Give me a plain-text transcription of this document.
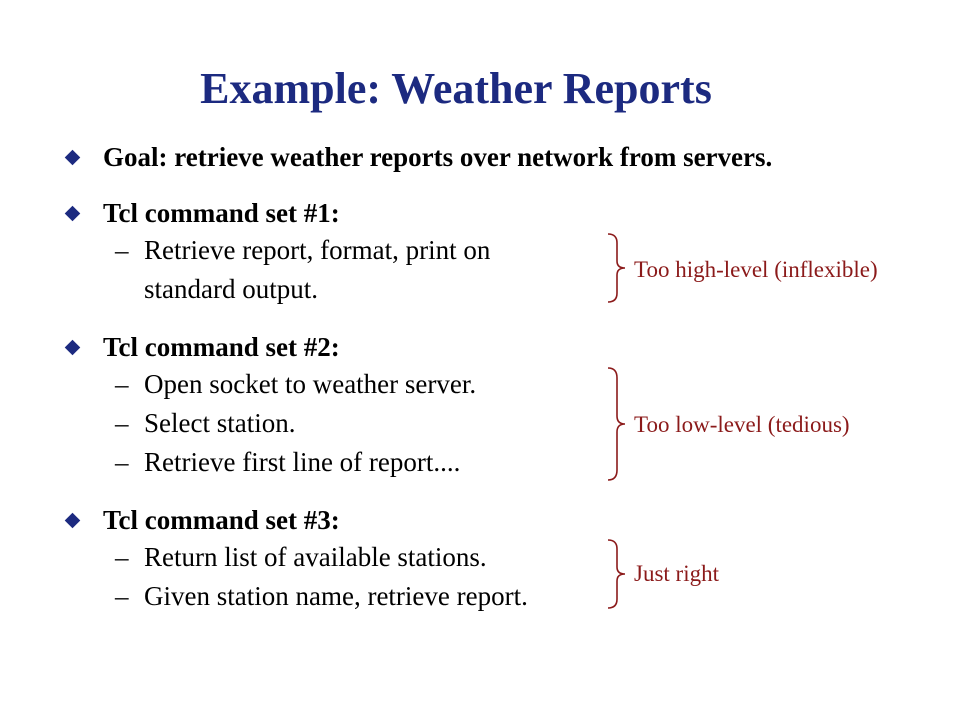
Example: Weather Reports
Goal: retrieve weather reports over network from servers.
Tcl command set #1:
– Retrieve report, format, print on
standard output.
Tcl command set #2:
– Open socket to weather server.
– Select station.
– Retrieve first line of report....
Tcl command set #3:
– Return list of available stations.
– Given station name, retrieve report.
Too high-level (inflexible)
Too low-level (tedious)
Just right
